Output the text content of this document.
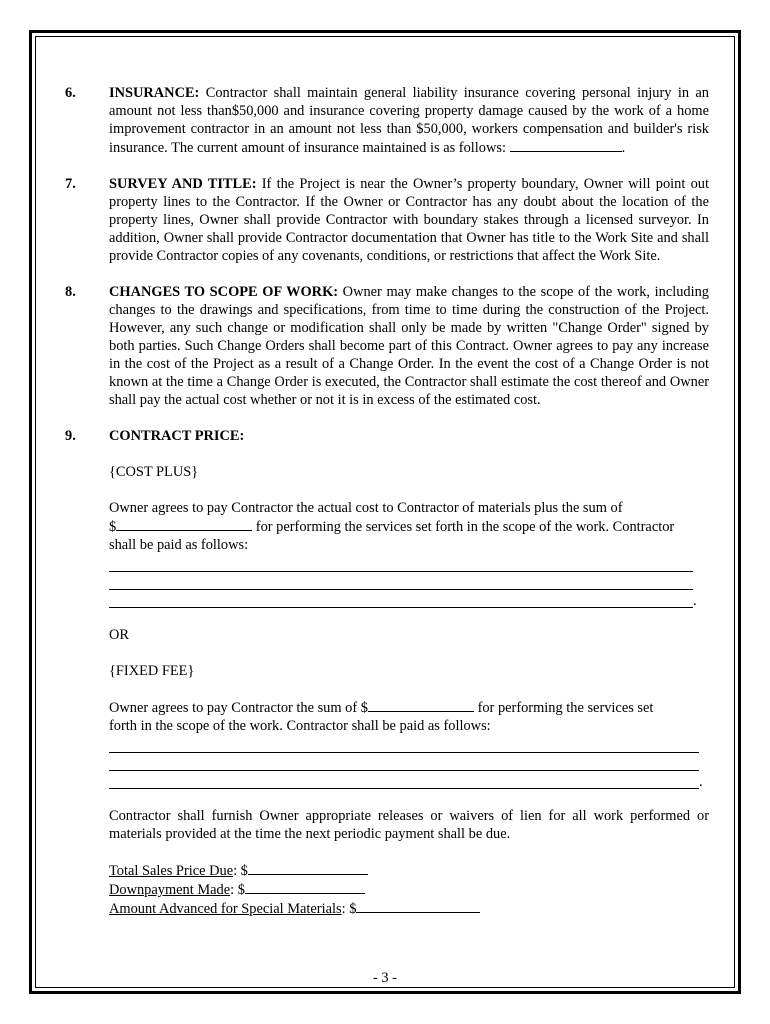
6. INSURANCE: Contractor shall maintain general liability insurance covering personal injury in an amount not less than$50,000 and insurance covering property damage caused by the work of a home improvement contractor in an amount not less than $50,000, workers compensation and builder's risk insurance. The current amount of insurance maintained is as follows:	.
7. SURVEY AND TITLE: If the Project is near the Owner’s property boundary, Owner will point out property lines to the Contractor. If the Owner or Contractor has any doubt about the location of the property lines, Owner shall provide Contractor with boundary stakes through a licensed surveyor. In addition, Owner shall provide Contractor documentation that Owner has title to the Work Site and shall provide Contractor copies of any covenants, conditions, or restrictions that affect the Work Site.
8. CHANGES TO SCOPE OF WORK: Owner may make changes to the scope of the work, including changes to the drawings and specifications, from time to time during the construction of the Project. However, any such change or modification shall only be made by written "Change Order" signed by both parties. Such Change Orders shall become part of this Contract. Owner agrees to pay any increase in the cost of the Project as a result of a Change Order. In the event the cost of a Change Order is not known at the time a Change Order is executed, the Contractor shall estimate the cost thereof and Owner shall pay the actual cost whether or not it is in excess of the estimated cost.
9. CONTRACT PRICE:

{COST PLUS}

Owner agrees to pay Contractor the actual cost to Contractor of materials plus the sum of
$	for performing the services set forth in the scope of the work. Contractor
shall be paid as follows:

.

OR

{FIXED FEE}

Owner agrees to pay Contractor the sum of $	for performing the services set
forth in the scope of the work. Contractor shall be paid as follows:

.

Contractor shall furnish Owner appropriate releases or waivers of lien for all work performed or materials provided at the time the next periodic payment shall be due.

Total Sales Price Due: $
Downpayment Made: $
Amount Advanced for Special Materials: $
- 3 -
